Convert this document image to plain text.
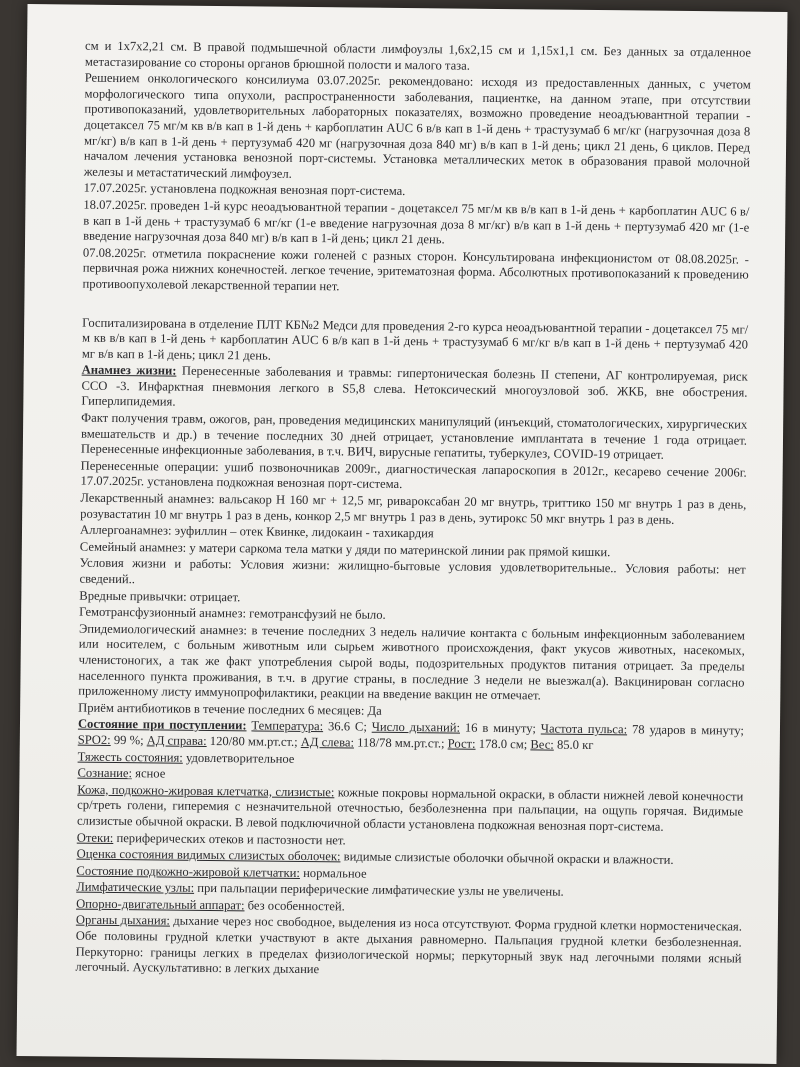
см и 1х7х2,21 см. В правой подмышечной области лимфоузлы 1,6х2,15 см и 1,15х1,1 см. Без данных за отдаленное метастазирование со стороны органов брюшной полости и малого таза.

Решением онкологического консилиума 03.07.2025г. рекомендовано: исходя из предоставленных данных, с учетом морфологического типа опухоли, распространенности заболевания, пациентке, на данном этапе, при отсутствии противопоказаний, удовлетворительных лабораторных показателях, возможно проведение неоадъювантной терапии - доцетаксел 75 мг/м кв в/в кап в 1-й день + карбоплатин AUC 6 в/в кап в 1-й день + трастузумаб 6 мг/кг (нагрузочная доза 8 мг/кг) в/в кап в 1-й день + пертузумаб 420 мг (нагрузочная доза 840 мг) в/в кап в 1-й день; цикл 21 день, 6 циклов. Перед началом лечения установка венозной порт-системы. Установка металлических меток в образования правой молочной железы и метастатический лимфоузел.

17.07.2025г. установлена подкожная венозная порт-система.

18.07.2025г. проведен 1-й курс неоадъювантной терапии - доцетаксел 75 мг/м кв в/в кап в 1-й день + карбоплатин AUC 6 в/в кап в 1-й день + трастузумаб 6 мг/кг (1-е введение нагрузочная доза 8 мг/кг) в/в кап в 1-й день + пертузумаб 420 мг (1-е введение нагрузочная доза 840 мг) в/в кап в 1-й день; цикл 21 день.

07.08.2025г. отметила покраснение кожи голеней с разных сторон. Консультирована инфекционистом от 08.08.2025г. - первичная рожа нижних конечностей. легкое течение, эритематозная форма. Абсолютных противопоказаний к проведению противоопухолевой лекарственной терапии нет.

Госпитализирована в отделение ПЛТ КБ№2 Медси для проведения 2-го курса неоадъювантной терапии - доцетаксел 75 мг/м кв в/в кап в 1-й день + карбоплатин AUC 6 в/в кап в 1-й день + трастузумаб 6 мг/кг в/в кап в 1-й день + пертузумаб 420 мг в/в кап в 1-й день; цикл 21 день.

Анамнез жизни: Перенесенные заболевания и травмы: гипертоническая болезнь II степени, АГ контролируемая, риск ССО -3. Инфарктная пневмония легкого в S5,8 слева. Нетоксический многоузловой зоб. ЖКБ, вне обострения. Гиперлипидемия.

Факт получения травм, ожогов, ран, проведения медицинских манипуляций (инъекций, стоматологических, хирургических вмешательств и др.) в течение последних 30 дней отрицает, установление имплантата в течение 1 года отрицает. Перенесенные инфекционные заболевания, в т.ч. ВИЧ, вирусные гепатиты, туберкулез, COVID-19 отрицает.

Перенесенные операции: ушиб позвоночникав 2009г., диагностическая лапароскопия в 2012г., кесарево сечение 2006г. 17.07.2025г. установлена подкожная венозная порт-система.

Лекарственный анамнез: вальсакор Н 160 мг + 12,5 мг, ривароксабан 20 мг внутрь, триттико 150 мг внутрь 1 раз в день, розувастатин 10 мг внутрь 1 раз в день, конкор 2,5 мг внутрь 1 раз в день, эутирокс 50 мкг внутрь 1 раз в день.

Аллергоанамнез: эуфиллин – отек Квинке, лидокаин - тахикардия

Семейный анамнез: у матери саркома тела матки у дяди по материнской линии рак прямой кишки.

Условия жизни и работы: Условия жизни: жилищно-бытовые условия удовлетворительные.. Условия работы: нет сведений..

Вредные привычки: отрицает.

Гемотрансфузионный анамнез: гемотрансфузий не было.

Эпидемиологический анамнез: в течение последних 3 недель наличие контакта с больным инфекционным заболеванием или носителем, с больным животным или сырьем животного происхождения, факт укусов животных, насекомых, членистоногих, а так же факт употребления сырой воды, подозрительных продуктов питания отрицает. За пределы населенного пункта проживания, в т.ч. в другие страны, в последние 3 недели не выезжал(а). Вакцинирован согласно приложенному листу иммунопрофилактики, реакции на введение вакцин не отмечает.

Приём антибиотиков в течение последних 6 месяцев: Да

Состояние при поступлении: Температура: 36.6 С; Число дыханий: 16 в минуту; Частота пульса: 78 ударов в минуту; SPO2: 99 %; АД справа: 120/80 мм.рт.ст.; АД слева: 118/78 мм.рт.ст.; Рост: 178.0 см; Вес: 85.0 кг

Тяжесть состояния: удовлетворительное

Сознание: ясное

Кожа, подкожно-жировая клетчатка, слизистые: кожные покровы нормальной окраски, в области нижней левой конечности ср/треть голени, гиперемия с незначительной отечностью, безболезненна при пальпации, на ощупь горячая. Видимые слизистые обычной окраски. В левой подключичной области установлена подкожная венозная порт-система.

Отеки: периферических отеков и пастозности нет.

Оценка состояния видимых слизистых оболочек: видимые слизистые оболочки обычной окраски и влажности.

Состояние подкожно-жировой клетчатки: нормальное

Лимфатические узлы: при пальпации периферические лимфатические узлы не увеличены.

Опорно-двигательный аппарат: без особенностей.

Органы дыхания: дыхание через нос свободное, выделения из носа отсутствуют. Форма грудной клетки нормостеническая. Обе половины грудной клетки участвуют в акте дыхания равномерно. Пальпация грудной клетки безболезненная. Перкуторно: границы легких в пределах физиологической нормы; перкуторный звук над легочными полями ясный легочный. Аускультативно: в легких дыхание
